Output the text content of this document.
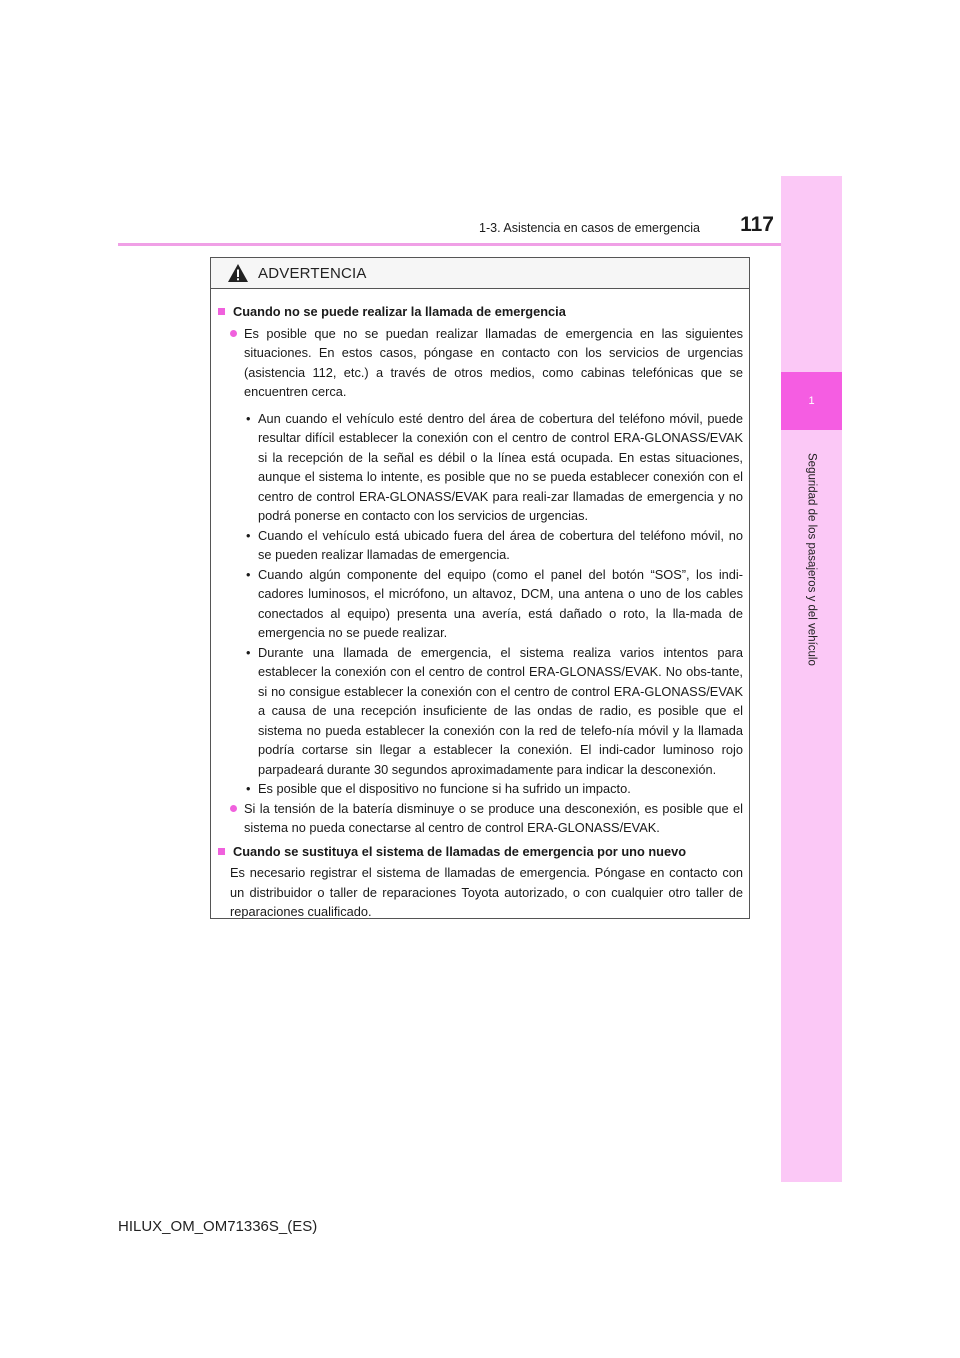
1-3. Asistencia en casos de emergencia	117
1
Seguridad de los pasajeros y del vehículo
ADVERTENCIA
Cuando no se puede realizar la llamada de emergencia
Es posible que no se puedan realizar llamadas de emergencia en las siguientes situaciones. En estos casos, póngase en contacto con los servicios de urgencias (asistencia 112, etc.) a través de otros medios, como cabinas telefónicas que se encuentren cerca.
• Aun cuando el vehículo esté dentro del área de cobertura del teléfono móvil, puede resultar difícil establecer la conexión con el centro de control ERA-GLONASS/EVAK si la recepción de la señal es débil o la línea está ocupada. En estas situaciones, aunque el sistema lo intente, es posible que no se pueda establecer conexión con el centro de control ERA-GLONASS/EVAK para reali-zar llamadas de emergencia y no podrá ponerse en contacto con los servicios de urgencias.
• Cuando el vehículo está ubicado fuera del área de cobertura del teléfono móvil, no se pueden realizar llamadas de emergencia.
• Cuando algún componente del equipo (como el panel del botón “SOS”, los indi-cadores luminosos, el micrófono, un altavoz, DCM, una antena o uno de los cables conectados al equipo) presenta una avería, está dañado o roto, la lla-mada de emergencia no se puede realizar.
• Durante una llamada de emergencia, el sistema realiza varios intentos para establecer la conexión con el centro de control ERA-GLONASS/EVAK. No obs-tante, si no consigue establecer la conexión con el centro de control ERA-GLONASS/EVAK a causa de una recepción insuficiente de las ondas de radio, es posible que el sistema no pueda establecer la conexión con la red de telefo-nía móvil y la llamada podría cortarse sin llegar a establecer la conexión. El indi-cador luminoso rojo parpadeará durante 30 segundos aproximadamente para indicar la desconexión.
• Es posible que el dispositivo no funcione si ha sufrido un impacto.
Si la tensión de la batería disminuye o se produce una desconexión, es posible que el sistema no pueda conectarse al centro de control ERA-GLONASS/EVAK.
Cuando se sustituya el sistema de llamadas de emergencia por uno nuevo
Es necesario registrar el sistema de llamadas de emergencia. Póngase en contacto con un distribuidor o taller de reparaciones Toyota autorizado, o con cualquier otro taller de reparaciones cualificado.
HILUX_OM_OM71336S_(ES)
